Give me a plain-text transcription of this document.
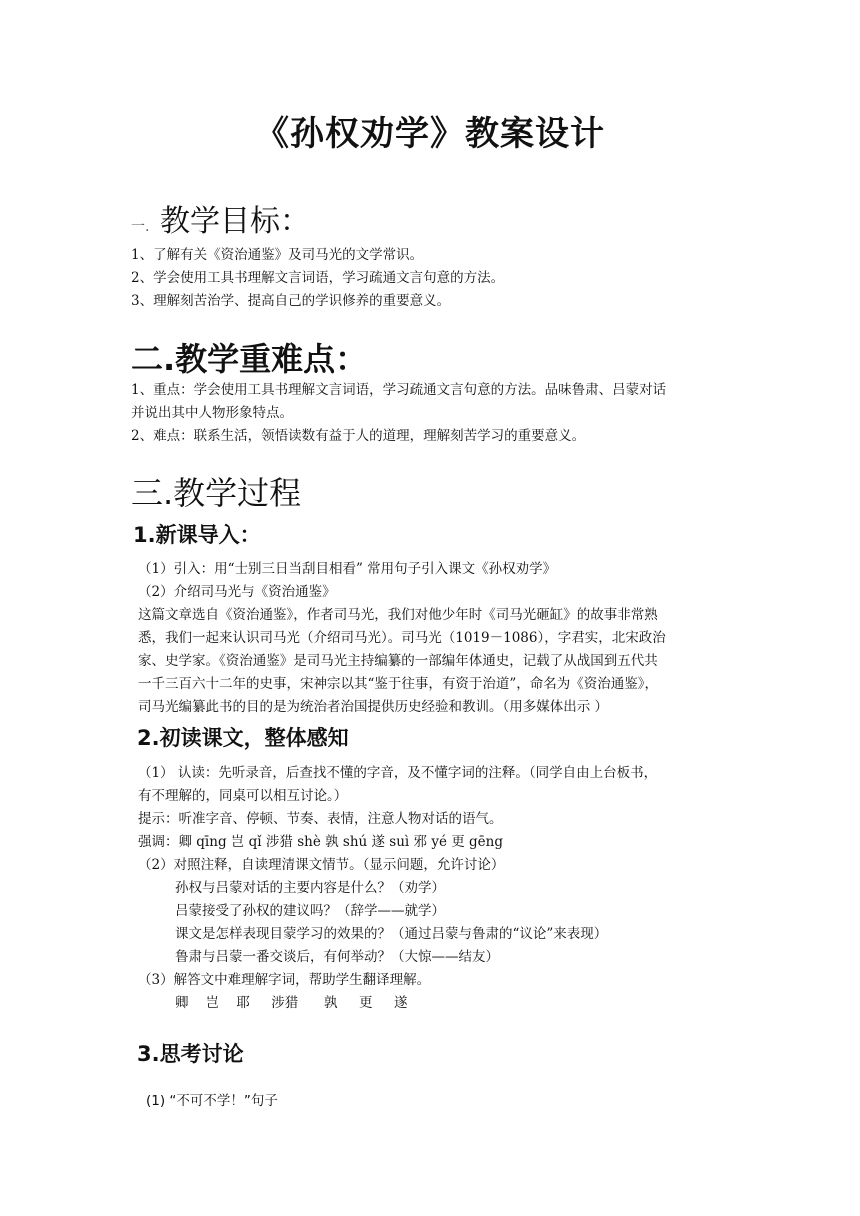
《孙权劝学》教案设计
一. 教学目标：
1、了解有关《资治通鉴》及司马光的文学常识。
2、学会使用工具书理解文言词语，学习疏通文言句意的方法。
3、理解刻苦治学、提高自己的学识修养的重要意义。
二.教学重难点：
1、重点：学会使用工具书理解文言词语，学习疏通文言句意的方法。品味鲁肃、吕蒙对话
并说出其中人物形象特点。
2、难点：联系生活，领悟读数有益于人的道理，理解刻苦学习的重要意义。
三.教学过程
1.新课导入：
（1）引入：用“士别三日当刮目相看” 常用句子引入课文《孙权劝学》
（2）介绍司马光与《资治通鉴》
这篇文章选自《资治通鉴》，作者司马光，我们对他少年时《司马光砸缸》的故事非常熟
悉，我们一起来认识司马光（介绍司马光）。司马光（1019－1086），字君实，北宋政治
家、史学家。《资治通鉴》是司马光主持编纂的一部编年体通史，记载了从战国到五代共
一千三百六十二年的史事，宋神宗以其“鉴于往事，有资于治道”，命名为《资治通鉴》，
司马光编纂此书的目的是为统治者治国提供历史经验和教训。（用多媒体出示 ）
2.初读课文，整体感知
（1） 认读：先听录音，后查找不懂的字音，及不懂字词的注释。（同学自由上台板书，
有不理解的，同桌可以相互讨论。）
提示：听准字音、停顿、节奏、表情，注意人物对话的语气。
强调：卿 qīng 岂 qǐ 涉猎 shè 孰 shú 遂 suì 邪 yé 更 gēng
（2）对照注释，自读理清课文情节。（显示问题，允许讨论）
孙权与吕蒙对话的主要内容是什么？（劝学）
吕蒙接受了孙权的建议吗？（辞学——就学）
课文是怎样表现目蒙学习的效果的？（通过吕蒙与鲁肃的“议论”来表现）
鲁肃与吕蒙一番交谈后，有何举动？（大惊——结友）
（3）解答文中难理解字词，帮助学生翻译理解。
卿    岂    耶     涉猎      孰     更     遂
3.思考讨论
(1) “不可不学！”句子
